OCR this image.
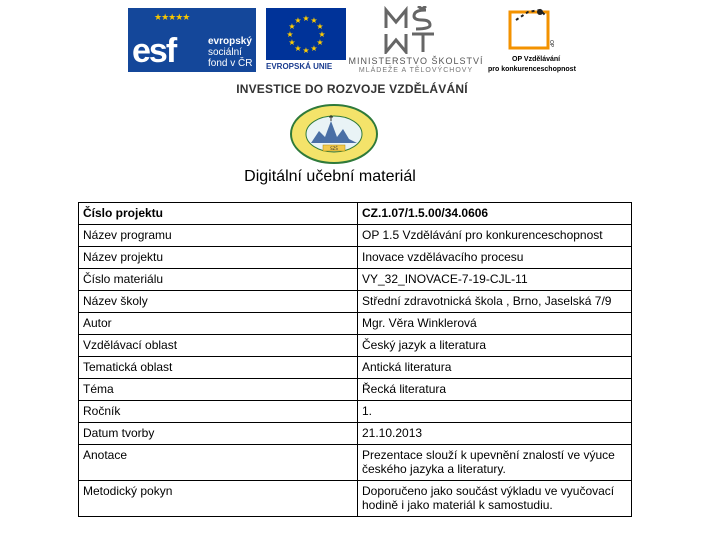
★★★★★
esf	evropský
sociální
fond v ČR
★ ★
★
★
★
★
★
★
★
★
★
★
EVROPSKÁ UNIE
MINISTERSTVO ŠKOLSTVÍ
MLÁDEŽE A TĚLOVÝCHOVY
OP
OP Vzdělávání
pro konkurenceschopnost
INVESTICE DO ROZVOJE VZDĚLÁVÁNÍ
SZŠ
Digitální učební materiál
Číslo projektu	CZ.1.07/1.5.00/34.0606
Název programu	OP 1.5 Vzdělávání pro konkurenceschopnost
Název projektu	Inovace vzdělávacího procesu
Číslo materiálu	VY_32_INOVACE-7-19-CJL-11
Název školy	Střední zdravotnická škola , Brno, Jaselská 7/9
Autor	Mgr. Věra Winklerová
Vzdělávací oblast	Český jazyk a literatura
Tematická oblast	Antická literatura
Téma	Řecká literatura
Ročník	1.
Datum tvorby	21.10.2013
Anotace	Prezentace slouží k upevnění znalostí ve výuce českého jazyka a literatury.
Metodický pokyn	Doporučeno jako součást výkladu ve vyučovací hodině i jako materiál k samostudiu.
